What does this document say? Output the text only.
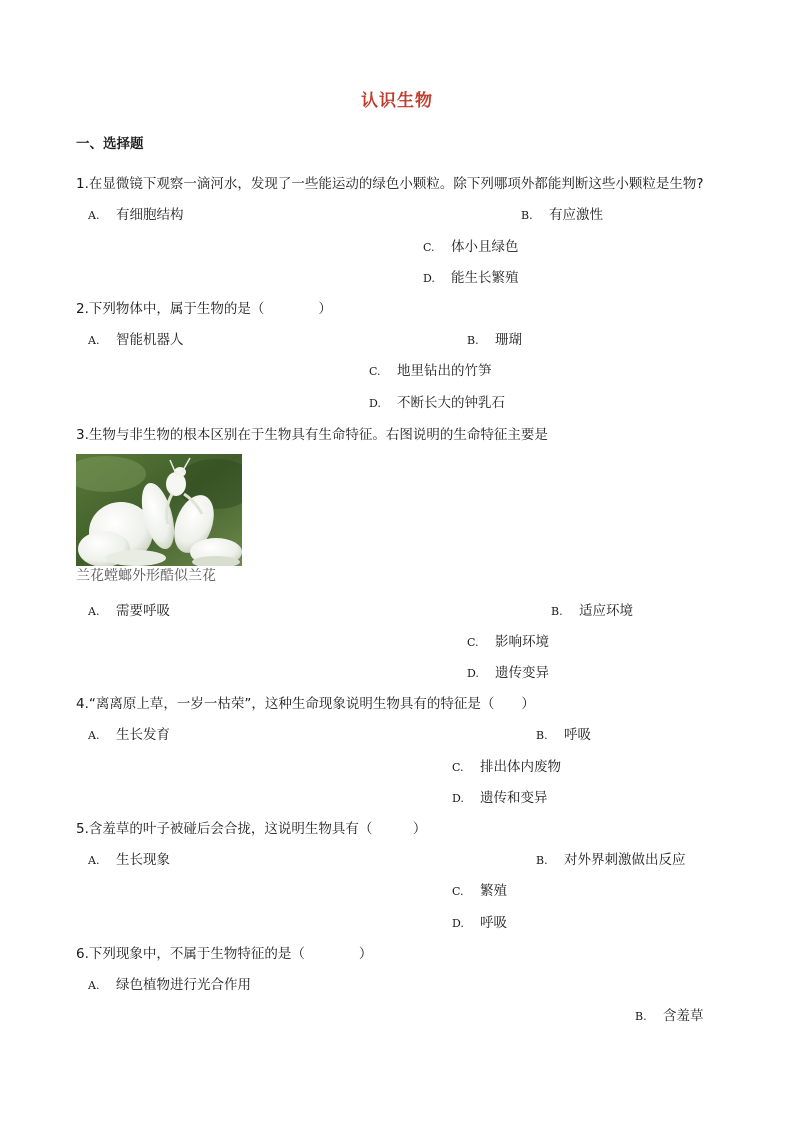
认识生物
一、选择题
1.在显微镜下观察一滴河水，发现了一些能运动的绿色小颗粒。除下列哪项外都能判断这些小颗粒是生物?
A. 有细胞结构	B. 有应激性
C. 体小且绿色
D. 能生长繁殖
2.下列物体中，属于生物的是（　　　　）
A. 智能机器人	B. 珊瑚
C. 地里钻出的竹笋
D. 不断长大的钟乳石
3.生物与非生物的根本区别在于生物具有生命特征。右图说明的生命特征主要是
兰花螳螂外形酷似兰花
A. 需要呼吸	B. 适应环境
C. 影响环境
D. 遗传变异
4.“离离原上草，一岁一枯荣”，这种生命现象说明生物具有的特征是（　　）
A. 生长发育	B. 呼吸
C. 排出体内废物
D. 遗传和变异
5.含羞草的叶子被碰后会合拢，这说明生物具有（　　　）
A. 生长现象	B. 对外界刺激做出反应
C. 繁殖
D. 呼吸
6.下列现象中，不属于生物特征的是（　　　　）
A. 绿色植物进行光合作用
B. 含羞草
